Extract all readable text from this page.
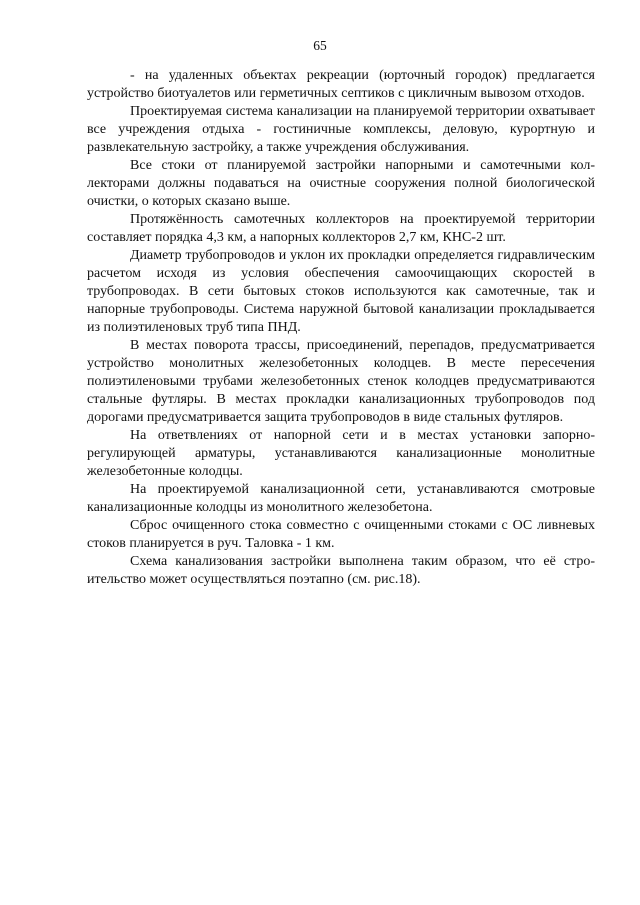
65

- на удаленных объектах рекреации (юрточный городок) предлагается устройство биотуалетов или герметичных септиков с цикличным вывозом отходов.

Проектируемая система канализации на планируемой территории охватывает все учреждения отдыха - гостиничные комплексы, деловую, курортную и развлекательную застройку, а также учреждения обслуживания.

Все стоки от планируемой застройки напорными и самотечными коллекторами должны подаваться на очистные сооружения полной биологической очистки, о которых сказано выше.

Протяжённость самотечных коллекторов на проектируемой территории составляет порядка 4,3 км, а напорных коллекторов 2,7 км, КНС-2 шт.

Диаметр трубопроводов и уклон их прокладки определяется гидравлическим расчетом исходя из условия обеспечения самоочищающих скоростей в трубопроводах. В сети бытовых стоков используются как самотечные, так и напорные трубопроводы. Система наружной бытовой канализации прокладывается из полиэтиленовых труб типа ПНД.

В местах поворота трассы, присоединений, перепадов, предусматривается устройство монолитных железобетонных колодцев. В месте пересечения полиэтиленовыми трубами железобетонных стенок колодцев предусматриваются стальные футляры. В местах прокладки канализационных трубопроводов под дорогами предусматривается защита трубопроводов в виде стальных футляров.

На ответвлениях от напорной сети и в местах установки запорно-регулирующей арматуры, устанавливаются канализационные монолитные железобетонные колодцы.

На проектируемой канализационной сети, устанавливаются смотровые канализационные колодцы из монолитного железобетона.

Сброс очищенного стока совместно с очищенными стоками с ОС ливневых стоков планируется в руч. Таловка - 1 км.

Схема канализования застройки выполнена таким образом, что её строительство может осуществляться поэтапно (см. рис.18).
